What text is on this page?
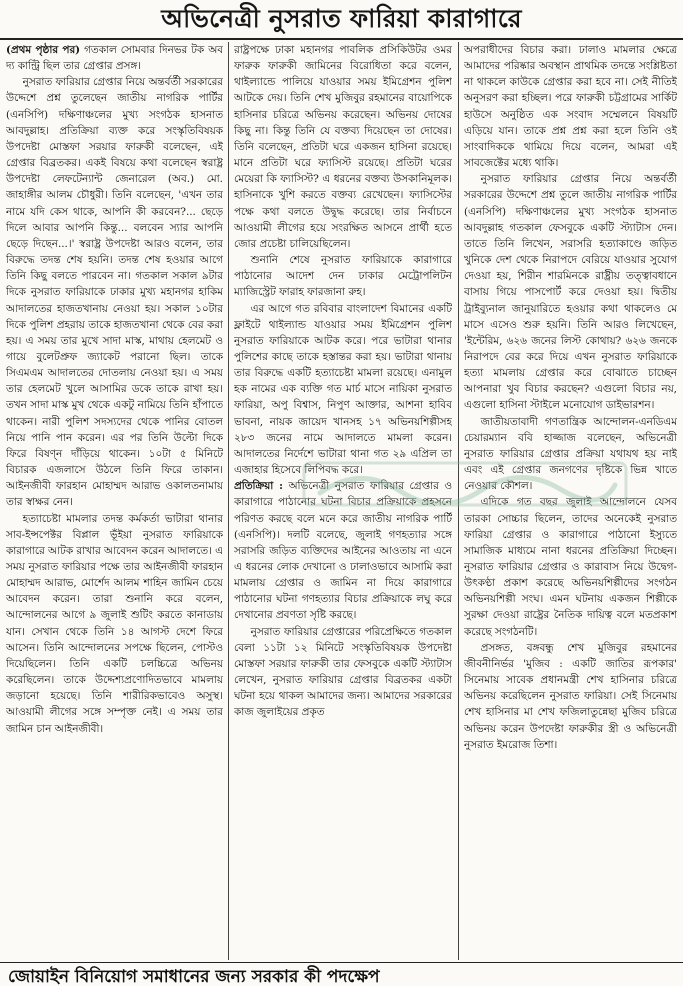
অভিনেত্রী নুসরাত ফারিয়া কারাগারে

(প্রথম পৃষ্ঠার পর) গতকাল সোমবার দিনভর টক অব দ্য কান্ট্রি ছিল তার গ্রেপ্তার প্রসঙ্গ।

নুসরাত ফারিয়ার গ্রেপ্তার নিয়ে অন্তর্বর্তী সরকারের উদ্দেশে প্রশ্ন তুলেছেন জাতীয় নাগরিক পার্টির (এনসিপি) দক্ষিণাঞ্চলের মুখ্য সংগঠক হাসনাত আবদুল্লাহ। প্রতিক্রিয়া ব্যক্ত করে সংস্কৃতিবিষয়ক উপদেষ্টা মোস্তফা সরয়ার ফারুকী বলেছেন, এই গ্রেপ্তার বিব্রতকর। একই বিষয়ে কথা বলেছেন স্বরাষ্ট্র উপদেষ্টা লেফটেন্যান্ট জেনারেল (অব.) মো. জাহাঙ্গীর আলম চৌধুরী। তিনি বলেছেন, 'এখন তার নামে যদি কেস থাকে, আপনি কী করবেন?... ছেড়ে দিলে আবার আপনি কিন্তু... বলবেন স্যার আপনি ছেড়ে দিছেন...।' স্বরাষ্ট্র উপদেষ্টা আরও বলেন, তার বিরুদ্ধে তদন্ত শেষ হয়নি। তদন্ত শেষ হওয়ার আগে তিনি কিছু বলতে পারবেন না। গতকাল সকাল ৯টার দিকে নুসরাত ফারিয়াকে ঢাকার মুখ্য মহানগর হাকিম আদালতের হাজতখানায় নেওয়া হয়। সকাল ১০টার দিকে পুলিশ প্রহরায় তাকে হাজতখানা থেকে বের করা হয়। এ সময় তার মুখে সাদা মাস্ক, মাথায় হেলমেট ও গায়ে বুলেটপ্রুফ জ্যাকেট পরানো ছিল। তাকে সিএমএম আদালতের দোতলায় নেওয়া হয়। এ সময় তার হেলমেট খুলে আসামির ডকে তাকে রাখা হয়। তখন সাদা মাস্ক মুখ থেকে একটু নামিয়ে তিনি হাঁপাতে থাকেন। নারী পুলিশ সদস্যদের থেকে পানির বোতল নিয়ে পানি পান করেন। এর পর তিনি উল্টো দিকে ফিরে বিষণ্ন দাঁড়িয়ে থাকেন। ১০টা ৫ মিনিটে বিচারক এজলাসে উঠলে তিনি ফিরে তাকান। আইনজীবী ফারহান মোহাম্মদ আরাভ ওকালতনামায় তার স্বাক্ষর নেন।

হত্যাচেষ্টা মামলার তদন্ত কর্মকর্তা ভাটারা থানার সাব-ইন্সপেক্টর বিপ্লাল ভূঁইয়া নুসরাত ফারিয়াকে কারাগারে আটক রাখার আবেদন করেন আদালতে। এ সময় নুসরাত ফারিয়ার পক্ষে তার আইনজীবী ফারহান মোহাম্মদ আরাভ, মোর্শেদ আলম শাহিন জামিন চেয়ে আবেদন করেন। তারা শুনানি করে বলেন, আন্দোলনের আগে ৯ জুলাই শুটিং করতে কানাডায় যান। সেখান থেকে তিনি ১৪ আগস্ট দেশে ফিরে আসেন। তিনি আন্দোলনের সপক্ষে ছিলেন, পোস্টও দিয়েছিলেন। তিনি একটি চলচ্চিত্রে অভিনয় করেছিলেন। তাকে উদ্দেশ্যপ্রণোদিতভাবে মামলায় জড়ানো হয়েছে। তিনি শারীরিকভাবেও অসুস্থ। আওয়ামী লীগের সঙ্গে সম্পৃক্ত নেই। এ সময় তার জামিন চান আইনজীবী।

রাষ্ট্রপক্ষে ঢাকা মহানগর পাবলিক প্রসিকিউটর ওমর ফারুক ফারুকী জামিনের বিরোধিতা করে বলেন, থাইল্যান্ডে পালিয়ে যাওয়ার সময় ইমিগ্রেশন পুলিশ আটকে দেয়। তিনি শেখ মুজিবুর রহমানের বায়োপিকে হাসিনার চরিত্রে অভিনয় করেছেন। অভিনয় দোষের কিছু না। কিন্তু তিনি যে বক্তব্য দিয়েছেন তা দোষের। তিনি বলেছেন, প্রতিটা ঘরে একজন হাসিনা রয়েছে। মানে প্রতিটা ঘরে ফ্যাসিস্ট রয়েছে। প্রতিটা ঘরের মেয়েরা কি ফ্যাসিস্ট? এ ধরনের বক্তব্য উসকানিমূলক। হাসিনাকে খুশি করতে বক্তব্য রেখেছেন। ফ্যাসিস্টের পক্ষে কথা বলতে উদ্বুদ্ধ করেছে। তার নির্বাচনে আওয়ামী লীগের হয়ে সংরক্ষিত আসনে প্রার্থী হতে জোর প্রচেষ্টা চালিয়েছিলেন।

শুনানি শেষে নুসরাত ফারিয়াকে কারাগারে পাঠানোর আদেশ দেন ঢাকার মেট্রোপলিটন ম্যাজিস্ট্রেট ফারাহ ফারজানা রুহ।

এর আগে গত রবিবার বাংলাদেশ বিমানের একটি ফ্লাইটে থাইল্যান্ড যাওয়ার সময় ইমিগ্রেশন পুলিশ নুসরাত ফারিয়াকে আটক করে। পরে ভাটারা থানার পুলিশের কাছে তাকে হস্তান্তর করা হয়। ভাটারা থানায় তার বিরুদ্ধে একটি হত্যাচেষ্টা মামলা রয়েছে। এনামুল হক নামের এক ব্যক্তি গত মার্চ মাসে নায়িকা নুসরাত ফারিয়া, অপু বিশ্বাস, নিপুণ আক্তার, আশনা হাবিব ভাবনা, নায়ক জায়েদ খানসহ ১৭ অভিনয়শিল্পীসহ ২৮৩ জনের নামে আদালতে মামলা করেন। আদালতের নির্দেশে ভাটারা থানা গত ২৯ এপ্রিল তা এজাহার হিসেবে লিপিবদ্ধ করে।

প্রতিক্রিয়া : অভিনেত্রী নুসরাত ফারিয়ার গ্রেপ্তার ও কারাগারে পাঠানোর ঘটনা বিচার প্রক্রিয়াকে প্রহসনে পরিণত করছে বলে মনে করে জাতীয় নাগরিক পার্টি (এনসিপি)। দলটি বলেছে, জুলাই গণহত্যার সঙ্গে সরাসরি জড়িত ব্যক্তিদের আইনের আওতায় না এনে এ ধরনের লোক দেখানো ও ঢালাওভাবে আসামি করা মামলায় গ্রেপ্তার ও জামিন না দিয়ে কারাগারে পাঠানোর ঘটনা গণহত্যার বিচার প্রক্রিয়াকে লঘু করে দেখানোর প্রবণতা সৃষ্টি করছে।

নুসরাত ফারিয়ার গ্রেপ্তারের পরিপ্রেক্ষিতে গতকাল বেলা ১১টা ১২ মিনিটে সংস্কৃতিবিষয়ক উপদেষ্টা মোস্তফা সরয়ার ফারুকী তার ফেসবুকে একটি স্ট্যাটাস লেখেন, নুসরাত ফারিয়ার গ্রেপ্তার বিব্রতকর একটা ঘটনা হয়ে থাকল আমাদের জন্য। আমাদের সরকারের কাজ জুলাইয়ের প্রকৃত

অপরাধীদের বিচার করা। ঢালাও মামলার ক্ষেত্রে আমাদের পরিষ্কার অবস্থান প্রাথমিক তদন্তে সংশ্লিষ্টতা না থাকলে কাউকে গ্রেপ্তার করা হবে না। সেই নীতিই অনুসরণ করা হচ্ছিল। পরে ফারুকী চট্টগ্রামের সার্কিট হাউসে অনুষ্ঠিত এক সংবাদ সম্মেলনে বিষয়টি এড়িয়ে যান। তাকে প্রশ্ন প্রশ্ন করা হলে তিনি ওই সাংবাদিককে থামিয়ে দিয়ে বলেন, আমরা এই সাবজেক্টের মধ্যে থাকি।

নুসরাত ফারিয়ার গ্রেপ্তার নিয়ে অন্তর্বর্তী সরকারের উদ্দেশে প্রশ্ন তুলে জাতীয় নাগরিক পার্টির (এনসিপি) দক্ষিণাঞ্চলের মুখ্য সংগঠক হাসনাত আবদুল্লাহ গতকাল ফেসবুকে একটি স্ট্যাটাস দেন। তাতে তিনি লিখেন, সরাসরি হত্যাকাণ্ডে জড়িত খুনিকে দেশ থেকে নিরাপদে বেরিয়ে যাওয়ার সুযোগ দেওয়া হয়, শিরীন শারমিনকে রাষ্ট্রীয় তত্ত্বাবধানে বাসায় গিয়ে পাসপোর্ট করে দেওয়া হয়। দ্বিতীয় ট্রাইব্যুনাল জানুয়ারিতে হওয়ার কথা থাকলেও মে মাসে এসেও শুরু হয়নি। তিনি আরও লিখেছেন, 'ইন্টেরিম, ৬২৬ জনের লিস্ট কোথায়? ৬২৬ জনকে নিরাপদে বের করে দিয়ে এখন নুসরাত ফারিয়াকে হত্যা মামলায় গ্রেপ্তার করে বোঝাতে চাচ্ছেন আপনারা খুব বিচার করছেন? এগুলো বিচার নয়, এগুলো হাসিনা স্টাইলে মনোযোগ ডাইভারশন।

জাতীয়তাবাদী গণতান্ত্রিক আন্দোলন-এনডিএম চেয়ারম্যান ববি হাজ্জাজ বলেছেন, অভিনেত্রী নুসরাত ফারিয়ার গ্রেপ্তার প্রক্রিয়া যথাযথ হয় নাই এবং এই গ্রেপ্তার জনগণের দৃষ্টিকে ভিন্ন খাতে নেওয়ার কৌশল।

এদিকে গত বছর জুলাই আন্দোলনে যেসব তারকা সোচ্চার ছিলেন, তাদের অনেকেই নুসরাত ফারিয়া গ্রেপ্তার ও কারাগারে পাঠানো ইস্যুতে সামাজিক মাধ্যমে নানা ধরনের প্রতিক্রিয়া দিচ্ছেন। নুসরাত ফারিয়ার গ্রেপ্তার ও কারাবাস নিয়ে উদ্বেগ-উৎকণ্ঠা প্রকাশ করেছে অভিনয়শিল্পীদের সংগঠন অভিনয়শিল্পী সংঘ। এমন ঘটনায় একজন শিল্পীকে সুরক্ষা দেওয়া রাষ্ট্রের নৈতিক দায়িত্ব বলে মতপ্রকাশ করেছে সংগঠনটি।

প্রসঙ্গত, বঙ্গবন্ধু শেখ মুজিবুর রহমানের জীবনীনির্ভর 'মুজিব : একটি জাতির রূপকার' সিনেমায় সাবেক প্রধানমন্ত্রী শেখ হাসিনার চরিত্রে অভিনয় করেছিলেন নুসরাত ফারিয়া। সেই সিনেমায় শেখ হাসিনার মা শেখ ফজিলাতুন্নেছা মুজিব চরিত্রে অভিনয় করেন উপদেষ্টা ফারুকীর স্ত্রী ও অভিনেত্রী নুসরাত ইমরোজ তিশা।

জোয়াইন বিনিয়োগ সমাধানের জন্য সরকার কী পদক্ষেপ
